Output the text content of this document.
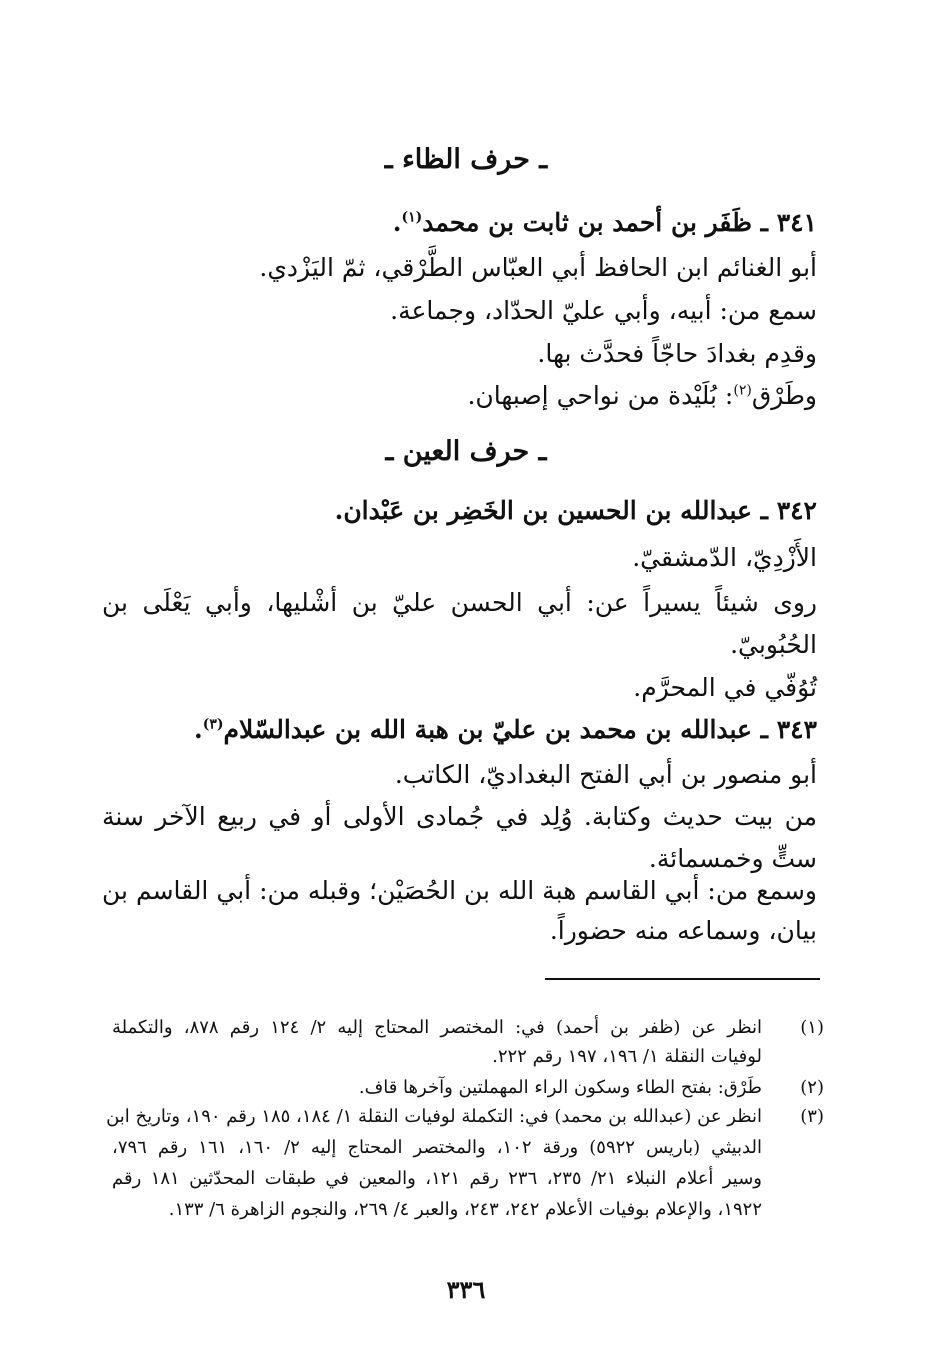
ـ حرف الظاء ـ
٣٤١ ـ ظَفَر بن أحمد بن ثابت بن محمد$^{(١)}$.
أبو الغنائم ابن الحافظ أبي العبّاس الطَّرْقي، ثمّ اليَزْدي.
سمع من: أبيه، وأبي عليّ الحدّاد، وجماعة.
وقدِم بغدادَ حاجّاً فحدَّث بها.
وطَرْق$^{(٢)}$: بُلَيْدة من نواحي إصبهان.
ـ حرف العين ـ
٣٤٢ ـ عبدالله بن الحسين بن الخَضِر بن عَبْدان.
الأَزْدِيّ، الدّمشقيّ.
روى شيئاً يسيراً عن: أبي الحسن عليّ بن أشْليها، وأبي يَعْلَى بن
الحُبُوبيّ.
تُوُفّي في المحرَّم.
٣٤٣ ـ عبدالله بن محمد بن عليّ بن هبة الله بن عبدالسّلام$^{(٣)}$.
أبو منصور بن أبي الفتح البغداديّ، الكاتب.
من بيت حديث وكتابة. وُلِد في جُمادى الأولى أو في ربيع الآخر سنة
ستٍّ وخمسمائة.
وسمع من: أبي القاسم هبة الله بن الحُصَيْن؛ وقبله من: أبي القاسم بن
بيان، وسماعه منه حضوراً.
(١)
انظر عن (ظفر بن أحمد) في: المختصر المحتاج إليه ٢/ ١٢٤ رقم ٨٧٨، والتكملة
لوفيات النقلة ١/ ١٩٦، ١٩٧ رقم ٢٢٢.
(٢)
طَرْق: بفتح الطاء وسكون الراء المهملتين وآخرها قاف.
(٣)
انظر عن (عبدالله بن محمد) في: التكملة لوفيات النقلة ١/ ١٨٤، ١٨٥ رقم ١٩٠، وتاريخ ابن
الدبيثي (باريس ٥٩٢٢) ورقة ١٠٢، والمختصر المحتاج إليه ٢/ ١٦٠، ١٦١ رقم ٧٩٦،
وسير أعلام النبلاء ٢١/ ٢٣٥، ٢٣٦ رقم ١٢١، والمعين في طبقات المحدّثين ١٨١ رقم
١٩٢٢، والإعلام بوفيات الأعلام ٢٤٢، ٢٤٣، والعبر ٤/ ٢٦٩، والنجوم الزاهرة ٦/ ١٣٣.
٣٣٦
